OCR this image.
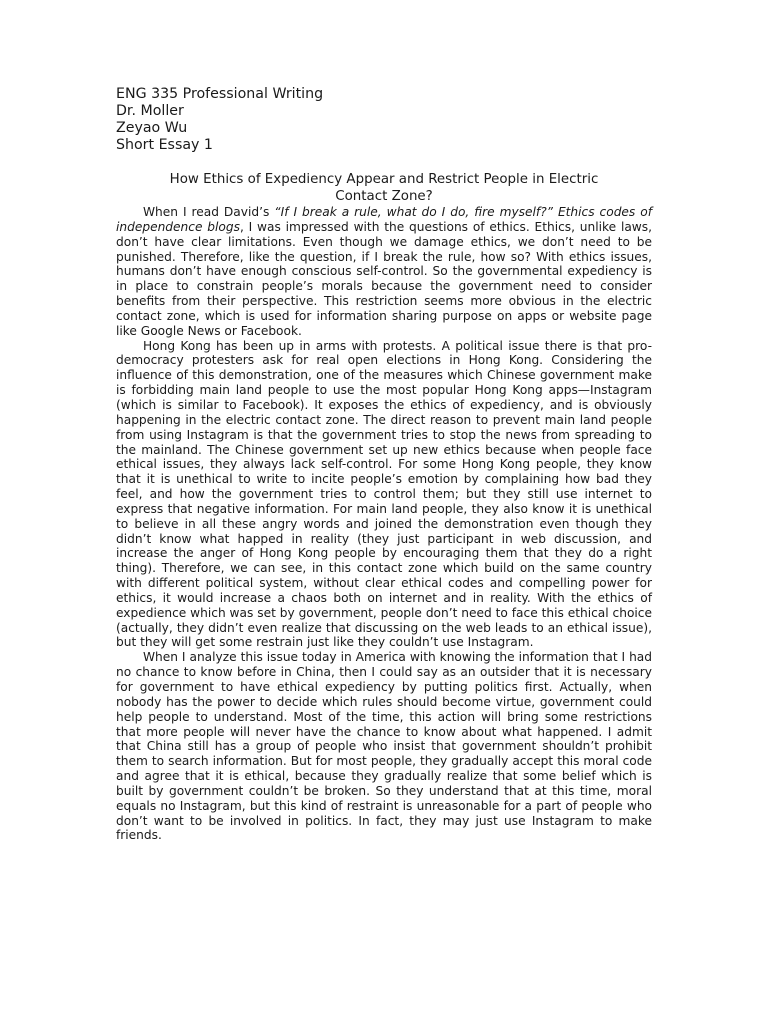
ENG 335 Professional Writing
Dr. Moller
Zeyao Wu
Short Essay 1
How Ethics of Expediency Appear and Restrict People in Electric
Contact Zone?

When I read David’s “If I break a rule, what do I do, fire myself?” Ethics codes of independence blogs, I was impressed with the questions of ethics. Ethics, unlike laws, don’t have clear limitations. Even though we damage ethics, we don’t need to be punished. Therefore, like the question, if I break the rule, how so? With ethics issues, humans don’t have enough conscious self-control. So the governmental expediency is in place to constrain people’s morals because the government need to consider benefits from their perspective. This restriction seems more obvious in the electric contact zone, which is used for information sharing purpose on apps or website page like Google News or Facebook.

Hong Kong has been up in arms with protests. A political issue there is that pro-democracy protesters ask for real open elections in Hong Kong. Considering the influence of this demonstration, one of the measures which Chinese government make is forbidding main land people to use the most popular Hong Kong apps—Instagram (which is similar to Facebook). It exposes the ethics of expediency, and is obviously happening in the electric contact zone. The direct reason to prevent main land people from using Instagram is that the government tries to stop the news from spreading to the mainland. The Chinese government set up new ethics because when people face ethical issues, they always lack self-control. For some Hong Kong people, they know that it is unethical to write to incite people’s emotion by complaining how bad they feel, and how the government tries to control them; but they still use internet to express that negative information. For main land people, they also know it is unethical to believe in all these angry words and joined the demonstration even though they didn’t know what happed in reality (they just participant in web discussion, and increase the anger of Hong Kong people by encouraging them that they do a right thing). Therefore, we can see, in this contact zone which build on the same country with different political system, without clear ethical codes and compelling power for ethics, it would increase a chaos both on internet and in reality. With the ethics of expedience which was set by government, people don’t need to face this ethical choice (actually, they didn’t even realize that discussing on the web leads to an ethical issue), but they will get some restrain just like they couldn’t use Instagram.

When I analyze this issue today in America with knowing the information that I had no chance to know before in China, then I could say as an outsider that it is necessary for government to have ethical expediency by putting politics first. Actually, when nobody has the power to decide which rules should become virtue, government could help people to understand. Most of the time, this action will bring some restrictions that more people will never have the chance to know about what happened. I admit that China still has a group of people who insist that government shouldn’t prohibit them to search information. But for most people, they gradually accept this moral code and agree that it is ethical, because they gradually realize that some belief which is built by government couldn’t be broken. So they understand that at this time, moral equals no Instagram, but this kind of restraint is unreasonable for a part of people who don’t want to be involved in politics. In fact, they may just use Instagram to make friends.
